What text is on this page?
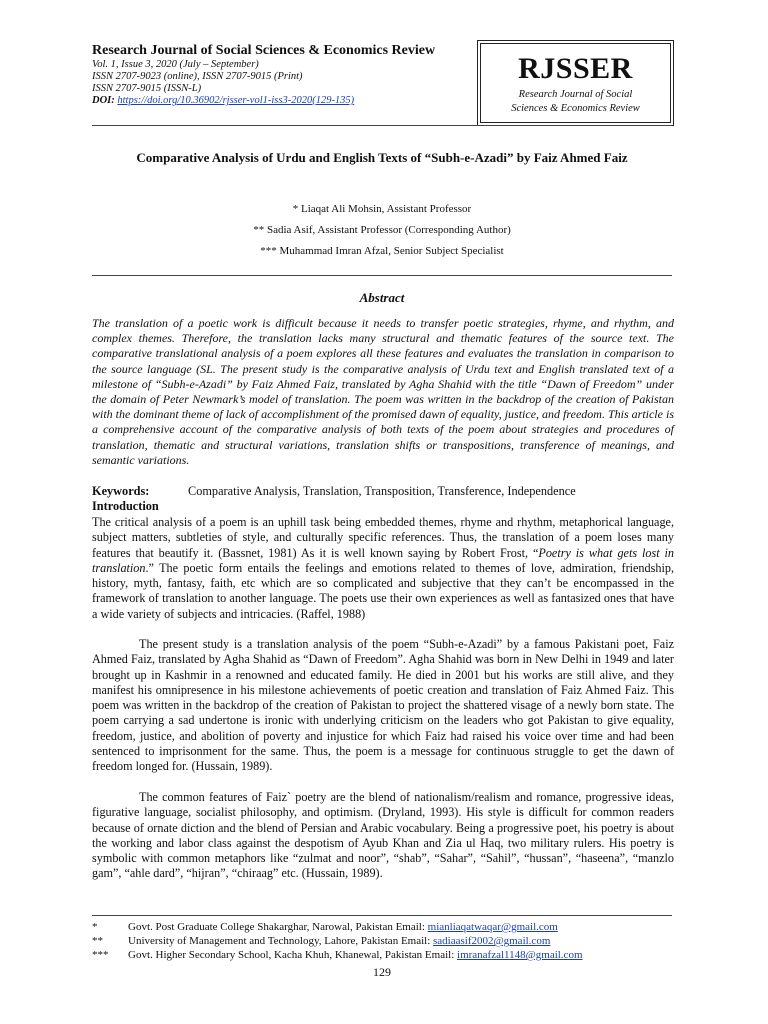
Research Journal of Social Sciences & Economics Review
Vol. 1, Issue 3, 2020 (July – September)
ISSN 2707-9023 (online), ISSN 2707-9015 (Print)
ISSN 2707-9015 (ISSN-L)
DOI: https://doi.org/10.36902/rjsser-vol1-iss3-2020(129-135)
RJSSER
Research Journal of Social
Sciences & Economics Review
Comparative Analysis of Urdu and English Texts of “Subh-e-Azadi” by Faiz Ahmed Faiz
* Liaqat Ali Mohsin, Assistant Professor
** Sadia Asif, Assistant Professor (Corresponding Author)
*** Muhammad Imran Afzal, Senior Subject Specialist
Abstract
The translation of a poetic work is difficult because it needs to transfer poetic strategies, rhyme, and rhythm, and complex themes. Therefore, the translation lacks many structural and thematic features of the source text. The comparative translational analysis of a poem explores all these features and evaluates the translation in comparison to the source language (SL. The present study is the comparative analysis of Urdu text and English translated text of a milestone of “Subh-e-Azadi” by Faiz Ahmed Faiz, translated by Agha Shahid with the title “Dawn of Freedom” under the domain of Peter Newmark’s model of translation. The poem was written in the backdrop of the creation of Pakistan with the dominant theme of lack of accomplishment of the promised dawn of equality, justice, and freedom. This article is a comprehensive account of the comparative analysis of both texts of the poem about strategies and procedures of translation, thematic and structural variations, translation shifts or transpositions, transference of meanings, and semantic variations.
Keywords:	Comparative Analysis, Translation, Transposition, Transference, Independence
Introduction
The critical analysis of a poem is an uphill task being embedded themes, rhyme and rhythm, metaphorical language, subject matters, subtleties of style, and culturally specific references. Thus, the translation of a poem loses many features that beautify it. (Bassnet, 1981) As it is well known saying by Robert Frost, “Poetry is what gets lost in translation.” The poetic form entails the feelings and emotions related to themes of love, admiration, friendship, history, myth, fantasy, faith, etc which are so complicated and subjective that they can’t be encompassed in the framework of translation to another language. The poets use their own experiences as well as fantasized ones that have a wide variety of subjects and intricacies. (Raffel, 1988)
The present study is a translation analysis of the poem “Subh-e-Azadi” by a famous Pakistani poet, Faiz Ahmed Faiz, translated by Agha Shahid as “Dawn of Freedom”. Agha Shahid was born in New Delhi in 1949 and later brought up in Kashmir in a renowned and educated family. He died in 2001 but his works are still alive, and they manifest his omnipresence in his milestone achievements of poetic creation and translation of Faiz Ahmed Faiz. This poem was written in the backdrop of the creation of Pakistan to project the shattered visage of a newly born state. The poem carrying a sad undertone is ironic with underlying criticism on the leaders who got Pakistan to give equality, freedom, justice, and abolition of poverty and injustice for which Faiz had raised his voice over time and had been sentenced to imprisonment for the same. Thus, the poem is a message for continuous struggle to get the dawn of freedom longed for. (Hussain, 1989).
The common features of Faiz` poetry are the blend of nationalism/realism and romance, progressive ideas, figurative language, socialist philosophy, and optimism. (Dryland, 1993). His style is difficult for common readers because of ornate diction and the blend of Persian and Arabic vocabulary. Being a progressive poet, his poetry is about the working and labor class against the despotism of Ayub Khan and Zia ul Haq, two military rulers. His poetry is symbolic with common metaphors like “zulmat and noor”, “shab”, “Sahar”, “Sahil”, “hussan”, “haseena”, “manzlo gam”, “ahle dard”, “hijran”, “chiraag” etc. (Hussain, 1989).
*	Govt. Post Graduate College Shakarghar, Narowal, Pakistan Email: mianliaqatwaqar@gmail.com
** University of Management and Technology, Lahore, Pakistan Email: sadiaasif2002@gmail.com
*** Govt. Higher Secondary School, Kacha Khuh, Khanewal, Pakistan Email: imranafzal1148@gmail.com
129
